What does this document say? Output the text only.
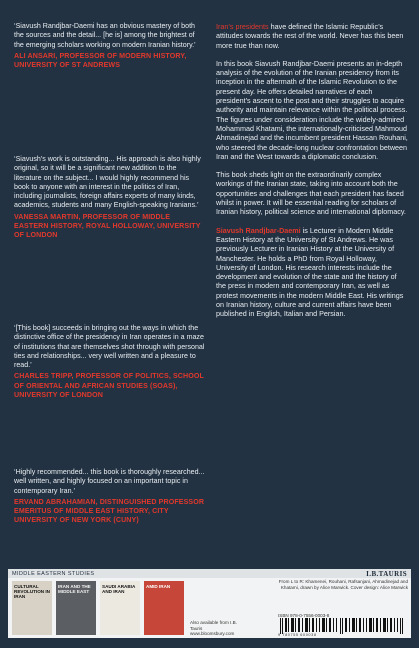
‘Siavush Randjbar-Daemi has an obvious mastery of both the sources and the detail... [he is] among the brightest of the emerging scholars working on modern Iranian history.’
ALI ANSARI, PROFESSOR OF MODERN HISTORY, UNIVERSITY OF ST ANDREWS
‘Siavush’s work is outstanding... His approach is also highly original, so it will be a significant new addition to the literature on the subject... I would highly recommend his book to anyone with an interest in the politics of Iran, including journalists, foreign affairs experts of many kinds, academics, students and many English-speaking Iranians.’
VANESSA MARTIN, PROFESSOR OF MIDDLE EASTERN HISTORY, ROYAL HOLLOWAY, UNIVERSITY OF LONDON
‘[This book] succeeds in bringing out the ways in which the distinctive office of the presidency in Iran operates in a maze of institutions that are themselves shot through with personal ties and relationships... very well written and a pleasure to read.’
CHARLES TRIPP, PROFESSOR OF POLITICS, SCHOOL OF ORIENTAL AND AFRICAN STUDIES (SOAS), UNIVERSITY OF LONDON
‘Highly recommended... this book is thoroughly researched... well written, and highly focused on an important topic in contemporary Iran.’
ERVAND ABRAHAMIAN, DISTINGUISHED PROFESSOR EMERITUS OF MIDDLE EAST HISTORY, CITY UNIVERSITY OF NEW YORK (CUNY)

Iran’s presidents have defined the Islamic Republic’s attitudes towards the rest of the world. Never has this been more true than now.

In this book Siavush Randjbar-Daemi presents an in-depth analysis of the evolution of the Iranian presidency from its inception in the aftermath of the Islamic Revolution to the present day. He offers detailed narratives of each president’s ascent to the post and their struggles to acquire authority and maintain relevance within the political process. The figures under consideration include the widely-admired Mohammad Khatami, the internationally-criticised Mahmoud Ahmadinejad and the incumbent president Hassan Rouhani, who steered the decade-long nuclear confrontation between Iran and the West towards a diplomatic conclusion.

This book sheds light on the extraordinarily complex workings of the Iranian state, taking into account both the opportunities and challenges that each president has faced whilst in power. It will be essential reading for scholars of Iranian history, political science and international diplomacy.

Siavush Randjbar-Daemi is Lecturer in Modern Middle Eastern History at the University of St Andrews. He was previously Lecturer in Iranian History at the University of Manchester. He holds a PhD from Royal Holloway, University of London. His research interests include the development and evolution of the state and the history of the press in modern and contemporary Iran, as well as protest movements in the modern Middle East. His writings on Iranian history, culture and current affairs have been published in English, Italian and Persian.

MIDDLE EASTERN STUDIES	I.B.TAURIS
CULTURAL REVOLUTION IN IRAN
IRAN AND THE MIDDLE EAST
SAUDI ARABIA AND IRAN
AMID IRAN
Also available from I.B. Tauris
www.bloomsbury.com
From L to R: Khamenei, Rouhani, Rafsanjani, Ahmadinejad and Khatami, drawn by Alice Marwick. Cover design: Alice Marwick
ISBN 978-0-7556-0003-8
9 780755 600038
